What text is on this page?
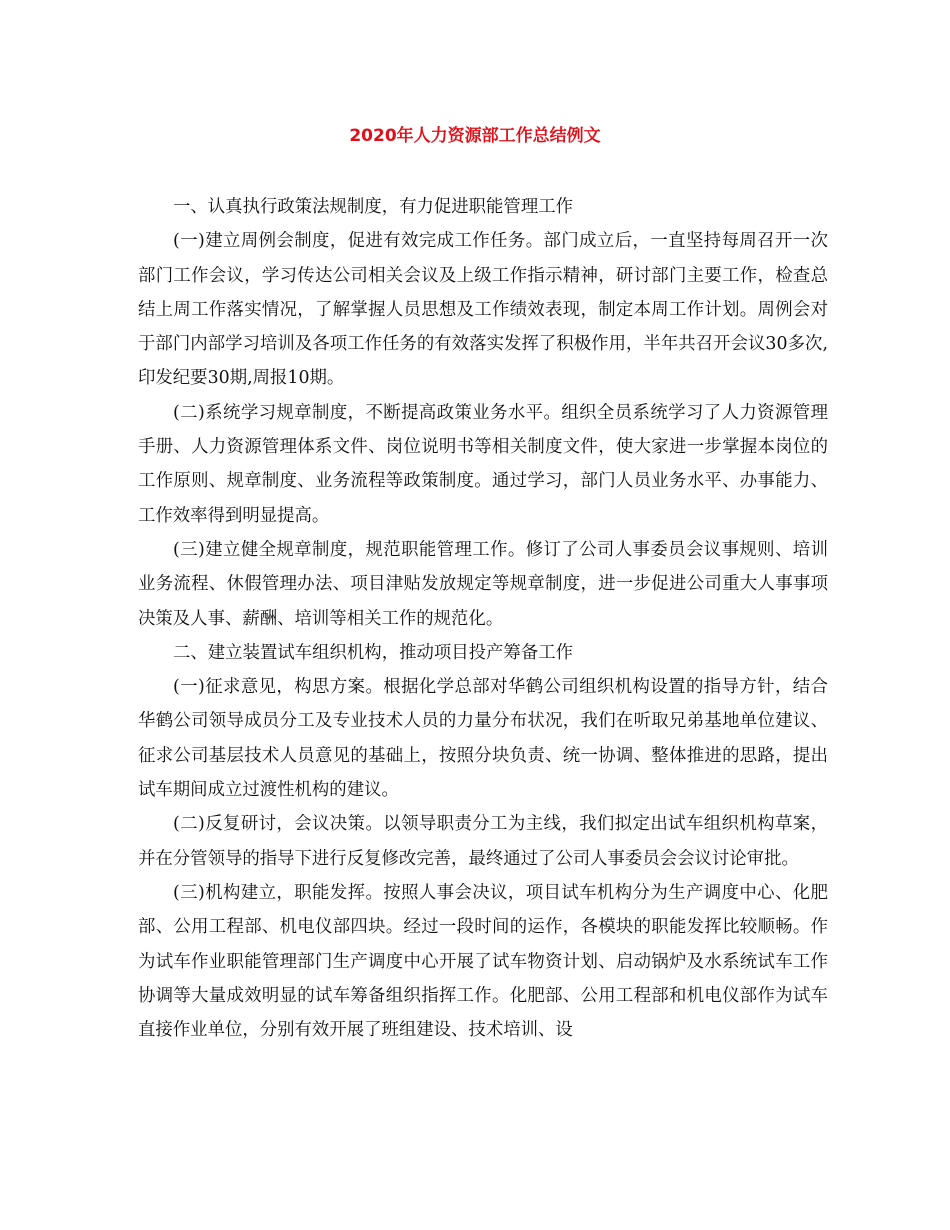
2020年人力资源部工作总结例文

一、认真执行政策法规制度，有力促进职能管理工作

(一)建立周例会制度，促进有效完成工作任务。部门成立后，一直坚持每周召开一次部门工作会议，学习传达公司相关会议及上级工作指示精神，研讨部门主要工作，检查总结上周工作落实情况，了解掌握人员思想及工作绩效表现，制定本周工作计划。周例会对于部门内部学习培训及各项工作任务的有效落实发挥了积极作用，半年共召开会议30多次,印发纪要30期,周报10期。

(二)系统学习规章制度，不断提高政策业务水平。组织全员系统学习了人力资源管理手册、人力资源管理体系文件、岗位说明书等相关制度文件，使大家进一步掌握本岗位的工作原则、规章制度、业务流程等政策制度。通过学习，部门人员业务水平、办事能力、工作效率得到明显提高。

(三)建立健全规章制度，规范职能管理工作。修订了公司人事委员会议事规则、培训业务流程、休假管理办法、项目津贴发放规定等规章制度，进一步促进公司重大人事事项决策及人事、薪酬、培训等相关工作的规范化。

二、建立装置试车组织机构，推动项目投产筹备工作

(一)征求意见，构思方案。根据化学总部对华鹤公司组织机构设置的指导方针，结合华鹤公司领导成员分工及专业技术人员的力量分布状况，我们在听取兄弟基地单位建议、征求公司基层技术人员意见的基础上，按照分块负责、统一协调、整体推进的思路，提出试车期间成立过渡性机构的建议。

(二)反复研讨，会议决策。以领导职责分工为主线，我们拟定出试车组织机构草案，并在分管领导的指导下进行反复修改完善，最终通过了公司人事委员会会议讨论审批。

(三)机构建立，职能发挥。按照人事会决议，项目试车机构分为生产调度中心、化肥部、公用工程部、机电仪部四块。经过一段时间的运作，各模块的职能发挥比较顺畅。作为试车作业职能管理部门生产调度中心开展了试车物资计划、启动锅炉及水系统试车工作协调等大量成效明显的试车筹备组织指挥工作。化肥部、公用工程部和机电仪部作为试车直接作业单位，分别有效开展了班组建设、技术培训、设
